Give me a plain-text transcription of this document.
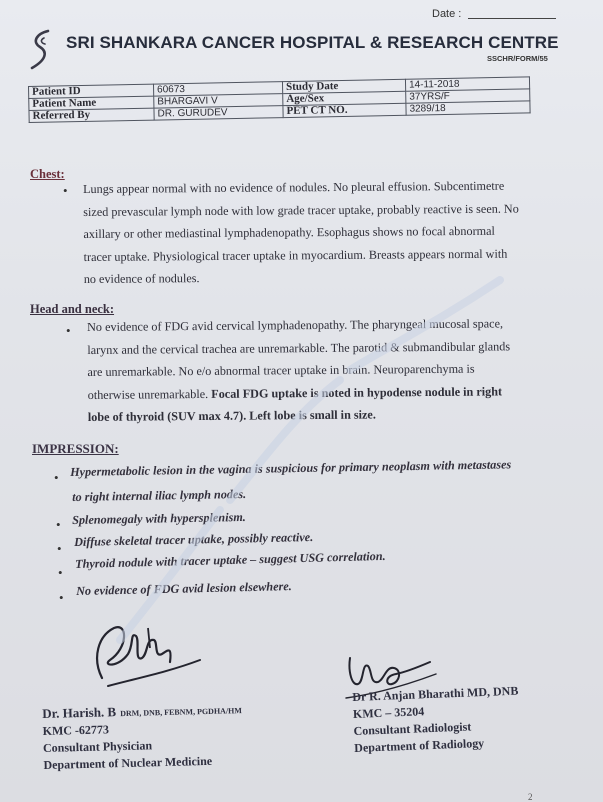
Date :
SRI SHANKARA CANCER HOSPITAL & RESEARCH CENTRE
SSCHR/FORM/55
Patient ID	60673	Study Date	14-11-2018
Patient Name	BHARGAVI V	Age/Sex	37YRS/F
Referred By	DR. GURUDEV	PET CT NO.	3289/18
Chest:
• Lungs appear normal with no evidence of nodules. No pleural effusion. Subcentimetre
sized prevascular lymph node with low grade tracer uptake, probably reactive is seen. No
axillary or other mediastinal lymphadenopathy. Esophagus shows no focal abnormal
tracer uptake. Physiological tracer uptake in myocardium. Breasts appears normal with
no evidence of nodules.
Head and neck:
• No evidence of FDG avid cervical lymphadenopathy. The pharyngeal mucosal space,
larynx and the cervical trachea are unremarkable. The parotid & submandibular glands
are unremarkable. No e/o abnormal tracer uptake in brain. Neuroparenchyma is
otherwise unremarkable. Focal FDG uptake is noted in hypodense nodule in right
lobe of thyroid (SUV max 4.7). Left lobe is small in size.
IMPRESSION:
• Hypermetabolic lesion in the vagina is suspicious for primary neoplasm with metastases
to right internal iliac lymph nodes.
• Splenomegaly with hypersplenism.
• Diffuse skeletal tracer uptake, possibly reactive.
•
Thyroid nodule with tracer uptake – suggest USG correlation.
• No evidence of FDG avid lesion elsewhere.
Dr. Harish. B DRM, DNB, FEBNM, PGDHA/HM
KMC -62773
Consultant Physician
Department of Nuclear Medicine
Dr R. Anjan Bharathi MD, DNB
KMC – 35204
Consultant Radiologist
Department of Radiology
2
